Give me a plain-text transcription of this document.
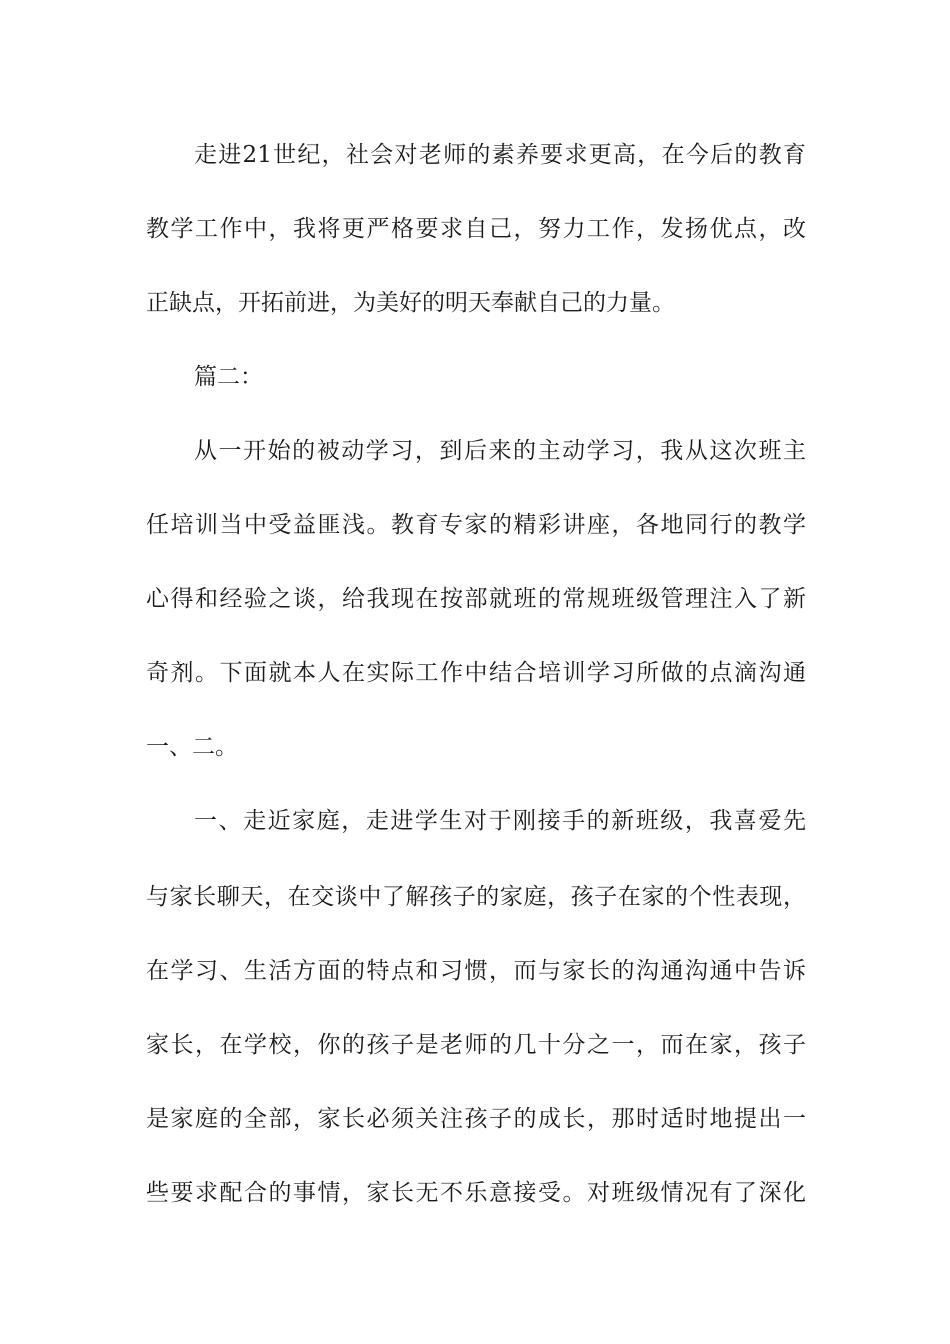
走进21世纪，社会对老师的素养要求更高，在今后的教育
教学工作中，我将更严格要求自己，努力工作，发扬优点，改
正缺点，开拓前进，为美好的明天奉献自己的力量。
篇二：
从一开始的被动学习，到后来的主动学习，我从这次班主
任培训当中受益匪浅。教育专家的精彩讲座，各地同行的教学
心得和经验之谈，给我现在按部就班的常规班级管理注入了新
奇剂。下面就本人在实际工作中结合培训学习所做的点滴沟通
一、二。
一、走近家庭，走进学生对于刚接手的新班级，我喜爱先
与家长聊天，在交谈中了解孩子的家庭，孩子在家的个性表现，
在学习、生活方面的特点和习惯，而与家长的沟通沟通中告诉
家长，在学校，你的孩子是老师的几十分之一，而在家，孩子
是家庭的全部，家长必须关注孩子的成长，那时适时地提出一
些要求配合的事情，家长无不乐意接受。对班级情况有了深化
